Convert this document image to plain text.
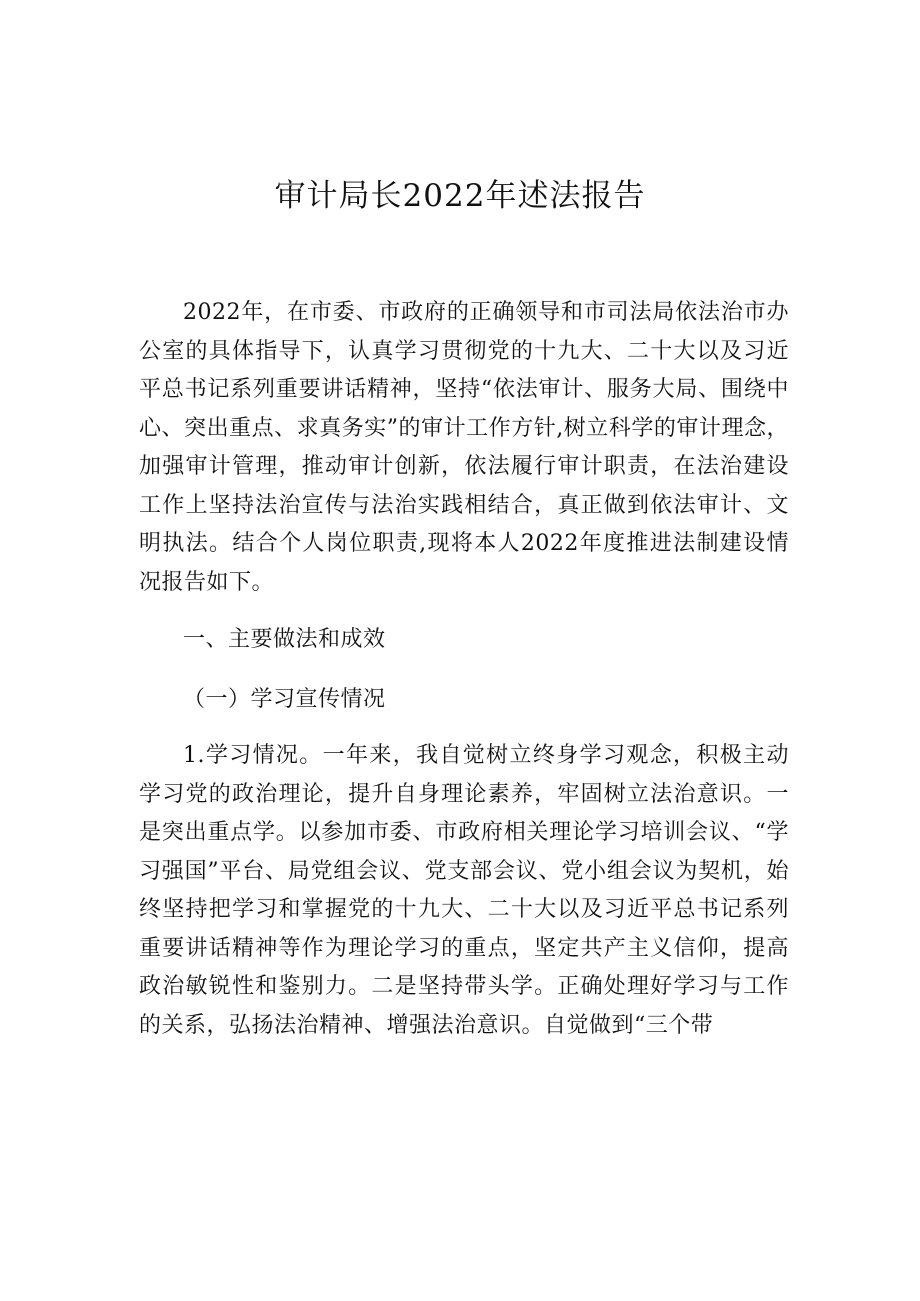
审计局长2022年述法报告

2022年，在市委、市政府的正确领导和市司法局依法治市办公室的具体指导下，认真学习贯彻党的十九大、二十大以及习近平总书记系列重要讲话精神，坚持“依法审计、服务大局、围绕中心、突出重点、求真务实”的审计工作方针,树立科学的审计理念，加强审计管理，推动审计创新，依法履行审计职责，在法治建设工作上坚持法治宣传与法治实践相结合，真正做到依法审计、文明执法。结合个人岗位职责,现将本人2022年度推进法制建设情况报告如下。

一、主要做法和成效

（一）学习宣传情况

1.学习情况。一年来，我自觉树立终身学习观念，积极主动学习党的政治理论，提升自身理论素养，牢固树立法治意识。一是突出重点学。以参加市委、市政府相关理论学习培训会议、“学习强国”平台、局党组会议、党支部会议、党小组会议为契机，始终坚持把学习和掌握党的十九大、二十大以及习近平总书记系列重要讲话精神等作为理论学习的重点，坚定共产主义信仰，提高政治敏锐性和鉴别力。二是坚持带头学。正确处理好学习与工作的关系，弘扬法治精神、增强法治意识。自觉做到“三个带
